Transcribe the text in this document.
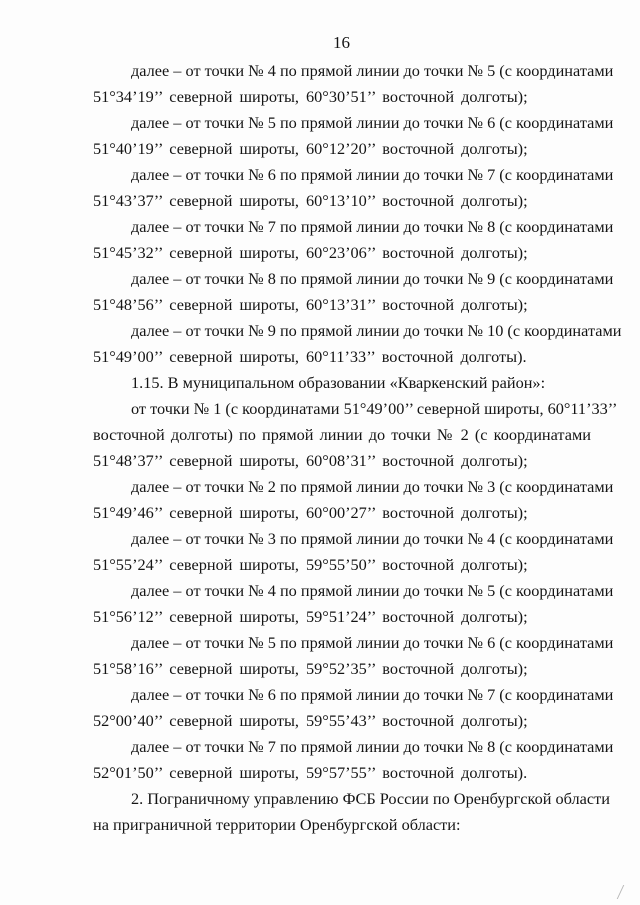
16

далее – от точки № 4 по прямой линии до точки № 5 (с координатами

51°34’19’’ северной широты, 60°30’51’’ восточной долготы);

далее – от точки № 5 по прямой линии до точки № 6 (с координатами

51°40’19’’ северной широты, 60°12’20’’ восточной долготы);

далее – от точки № 6 по прямой линии до точки № 7 (с координатами

51°43’37’’ северной широты, 60°13’10’’ восточной долготы);

далее – от точки № 7 по прямой линии до точки № 8 (с координатами

51°45’32’’ северной широты, 60°23’06’’ восточной долготы);

далее – от точки № 8 по прямой линии до точки № 9 (с координатами

51°48’56’’ северной широты, 60°13’31’’ восточной долготы);

далее – от точки № 9 по прямой линии до точки № 10 (с координатами

51°49’00’’ северной широты, 60°11’33’’ восточной долготы).

1.15. В муниципальном образовании «Кваркенский район»:

от точки № 1 (с координатами 51°49’00’’ северной широты, 60°11’33’’

восточной долготы) по прямой линии до точки № 2 (с координатами

51°48’37’’ северной широты, 60°08’31’’ восточной долготы);

далее – от точки № 2 по прямой линии до точки № 3 (с координатами

51°49’46’’ северной широты, 60°00’27’’ восточной долготы);

далее – от точки № 3 по прямой линии до точки № 4 (с координатами

51°55’24’’ северной широты, 59°55’50’’ восточной долготы);

далее – от точки № 4 по прямой линии до точки № 5 (с координатами

51°56’12’’ северной широты, 59°51’24’’ восточной долготы);

далее – от точки № 5 по прямой линии до точки № 6 (с координатами

51°58’16’’ северной широты, 59°52’35’’ восточной долготы);

далее – от точки № 6 по прямой линии до точки № 7 (с координатами

52°00’40’’ северной широты, 59°55’43’’ восточной долготы);

далее – от точки № 7 по прямой линии до точки № 8 (с координатами

52°01’50’’ северной широты, 59°57’55’’ восточной долготы).

2. Пограничному управлению ФСБ России по Оренбургской области

на приграничной территории Оренбургской области:
